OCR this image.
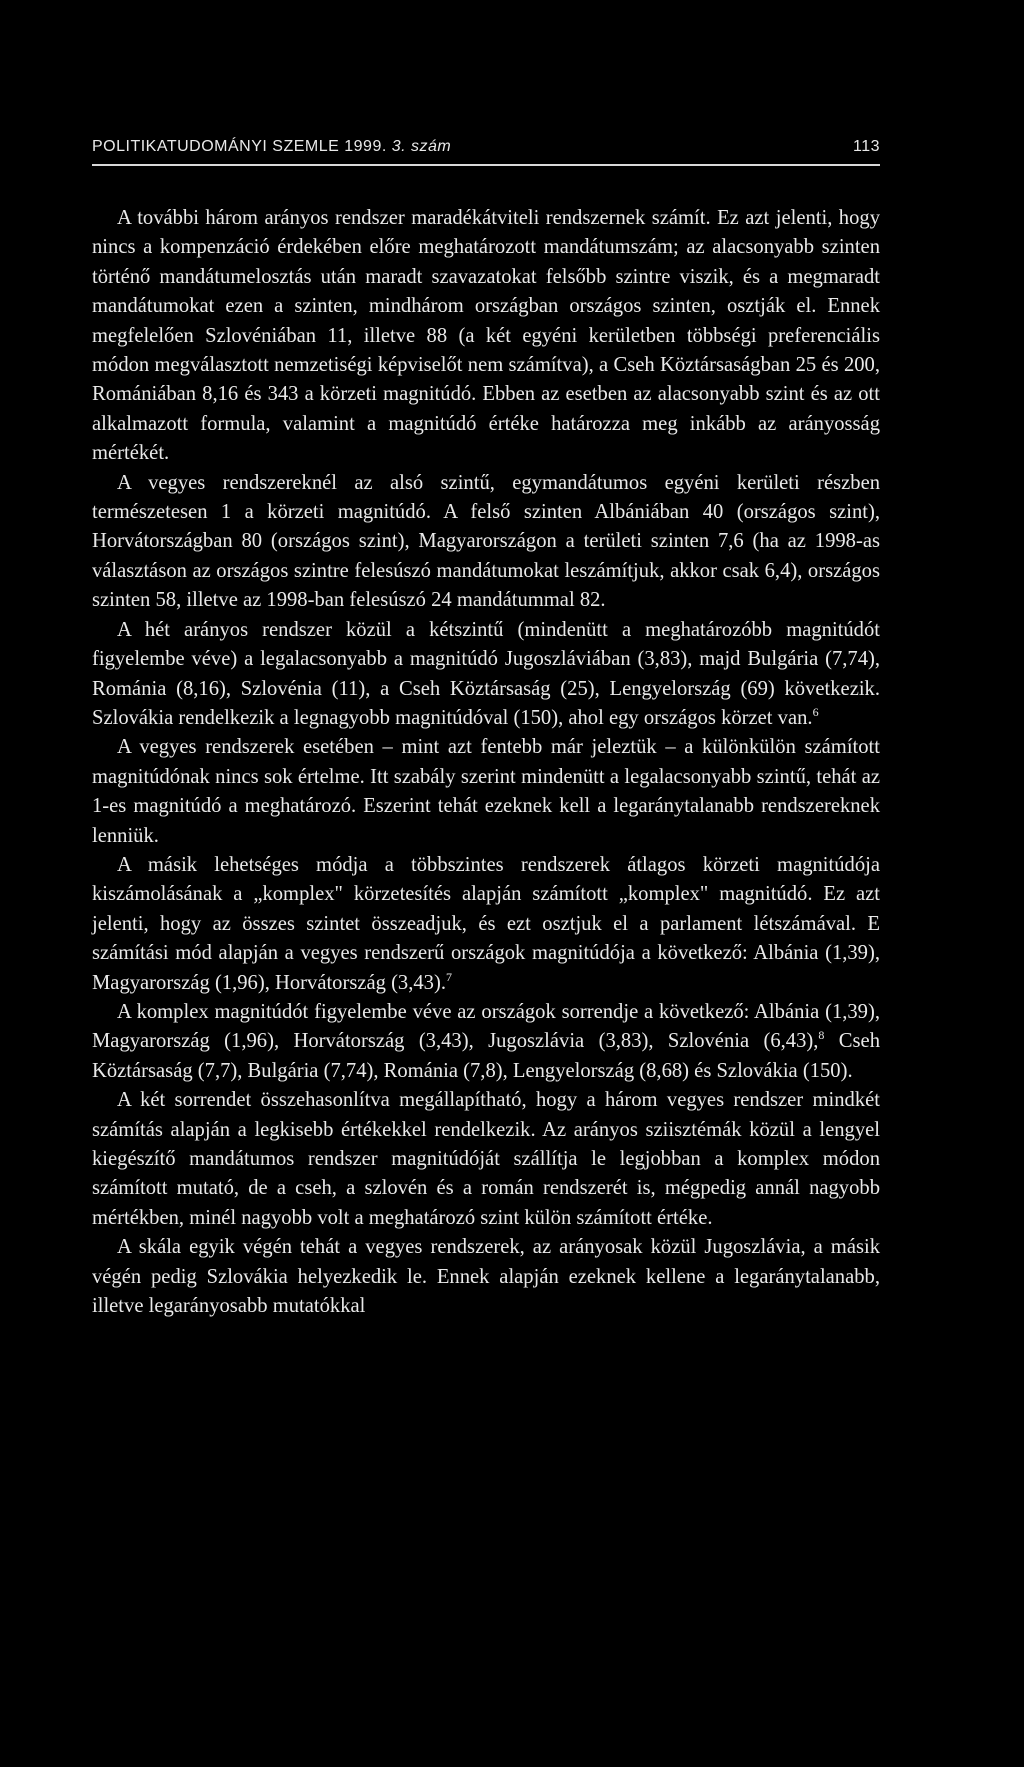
POLITIKATUDOMÁNYI SZEMLE 1999. 3. szám	113

A további három arányos rendszer maradékátviteli rendszernek számít. Ez azt jelenti, hogy nincs a kompenzáció érdekében előre meghatározott mandátumszám; az alacsonyabb szinten történő mandátumelosztás után maradt szavazatokat felsőbb szintre viszik, és a megmaradt mandátumokat ezen a szinten, mindhárom országban országos szinten, osztják el. Ennek megfelelően Szlovéniában 11, illetve 88 (a két egyéni kerületben többségi preferenciális módon megválasztott nemzetiségi képviselőt nem számítva), a Cseh Köztársaságban 25 és 200, Romániában 8,16 és 343 a körzeti magnitúdó. Ebben az esetben az alacsonyabb szint és az ott alkalmazott formula, valamint a magnitúdó értéke határozza meg inkább az arányosság mértékét.

A vegyes rendszereknél az alsó szintű, egymandátumos egyéni kerületi részben természetesen 1 a körzeti magnitúdó. A felső szinten Albániában 40 (országos szint), Horvátországban 80 (országos szint), Magyarországon a területi szinten 7,6 (ha az 1998-as választáson az országos szintre felesúszó mandátumokat leszámítjuk, akkor csak 6,4), országos szinten 58, illetve az 1998-ban felesúszó 24 mandátummal 82.

A hét arányos rendszer közül a kétszintű (mindenütt a meghatározóbb magnitúdót figyelembe véve) a legalacsonyabb a magnitúdó Jugoszláviában (3,83), majd Bulgária (7,74), Románia (8,16), Szlovénia (11), a Cseh Köztársaság (25), Lengyelország (69) következik. Szlovákia rendelkezik a legnagyobb magnitúdóval (150), ahol egy országos körzet van.$^6$

A vegyes rendszerek esetében – mint azt fentebb már jeleztük – a különkülön számított magnitúdónak nincs sok értelme. Itt szabály szerint mindenütt a legalacsonyabb szintű, tehát az 1-es magnitúdó a meghatározó. Eszerint tehát ezeknek kell a legaránytalanabb rendszereknek lenniük.

A másik lehetséges módja a többszintes rendszerek átlagos körzeti magnitúdója kiszámolásának a „komplex" körzetesítés alapján számított „komplex" magnitúdó. Ez azt jelenti, hogy az összes szintet összeadjuk, és ezt osztjuk el a parlament létszámával. E számítási mód alapján a vegyes rendszerű országok magnitúdója a következő: Albánia (1,39), Magyarország (1,96), Horvátország (3,43).$^7$

A komplex magnitúdót figyelembe véve az országok sorrendje a következő: Albánia (1,39), Magyarország (1,96), Horvátország (3,43), Jugoszlávia (3,83), Szlovénia (6,43),$^8$ Cseh Köztársaság (7,7), Bulgária (7,74), Románia (7,8), Lengyelország (8,68) és Szlovákia (150).

A két sorrendet összehasonlítva megállapítható, hogy a három vegyes rendszer mindkét számítás alapján a legkisebb értékekkel rendelkezik. Az arányos sziisztémák közül a lengyel kiegészítő mandátumos rendszer magnitúdóját szállítja le legjobban a komplex módon számított mutató, de a cseh, a szlovén és a román rendszerét is, mégpedig annál nagyobb mértékben, minél nagyobb volt a meghatározó szint külön számított értéke.

A skála egyik végén tehát a vegyes rendszerek, az arányosak közül Jugoszlávia, a másik végén pedig Szlovákia helyezkedik le. Ennek alapján ezeknek kellene a legaránytalanabb, illetve legarányosabb mutatókkal
